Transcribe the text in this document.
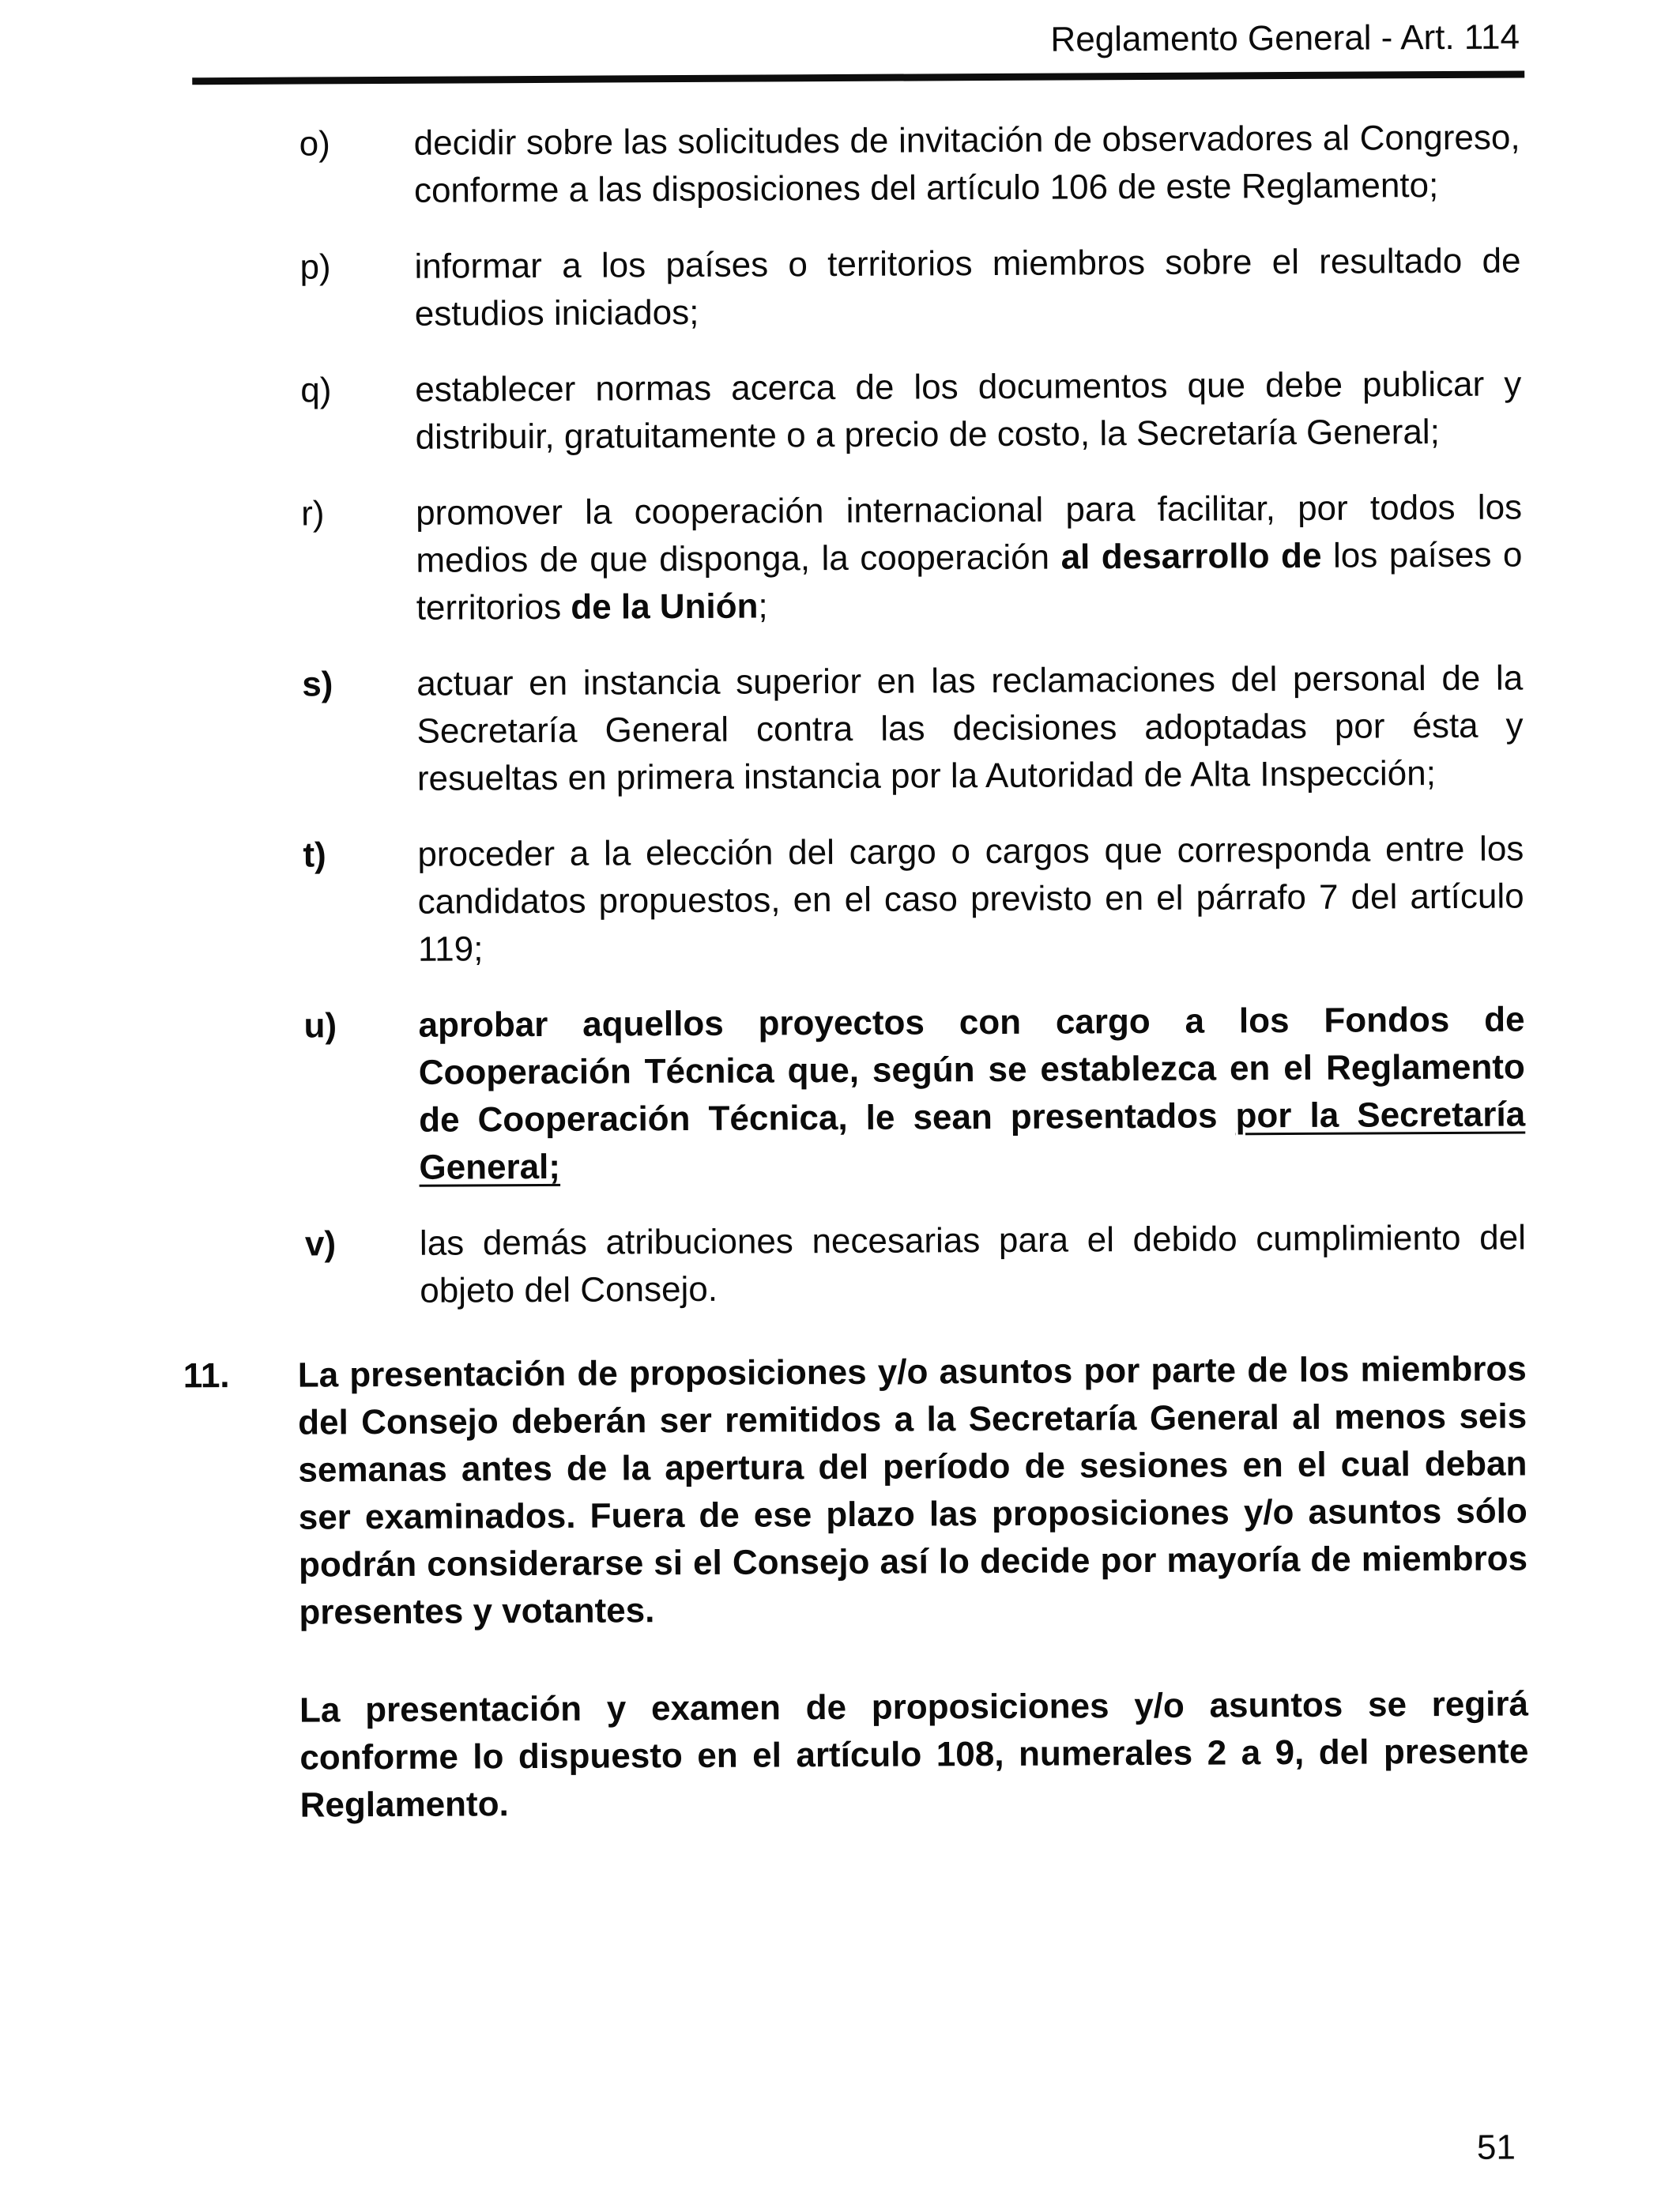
Reglamento General - Art. 114
o)	decidir sobre las solicitudes de invitación de observadores al Congreso, conforme a las disposiciones del artículo 106 de este Reglamento;

p)	informar a los países o territorios miembros sobre el resultado de estudios iniciados;

q)	establecer normas acerca de los documentos que debe publicar y distribuir, gratuitamente o a precio de costo, la Secretaría General;

r)	promover la cooperación internacional para facilitar, por todos los medios de que disponga, la cooperación al desarrollo de los países o territorios de la Unión;

s)	actuar en instancia superior en las reclamaciones del personal de la Secretaría General contra las decisiones adoptadas por ésta y resueltas en primera instancia por la Autoridad de Alta Inspección;

t)	proceder a la elección del cargo o cargos que corresponda entre los candidatos propuestos, en el caso previsto en el párrafo 7 del artículo 119;

u)	aprobar aquellos proyectos con cargo a los Fondos de Cooperación Técnica que, según se establezca en el Reglamento de Cooperación Técnica, le sean presentados por la Secretaría General;

v)	las demás atribuciones necesarias para el debido cumplimiento del objeto del Consejo.

11.	La presentación de proposiciones y/o asuntos por parte de los miembros del Consejo deberán ser remitidos a la Secretaría General al menos seis semanas antes de la apertura del período de sesiones en el cual deban ser examinados. Fuera de ese plazo las proposiciones y/o asuntos sólo podrán considerarse si el Consejo así lo decide por mayoría de miembros presentes y votantes.

La presentación y examen de proposiciones y/o asuntos se regirá conforme lo dispuesto en el artículo 108, numerales 2 a 9, del presente Reglamento.

51
